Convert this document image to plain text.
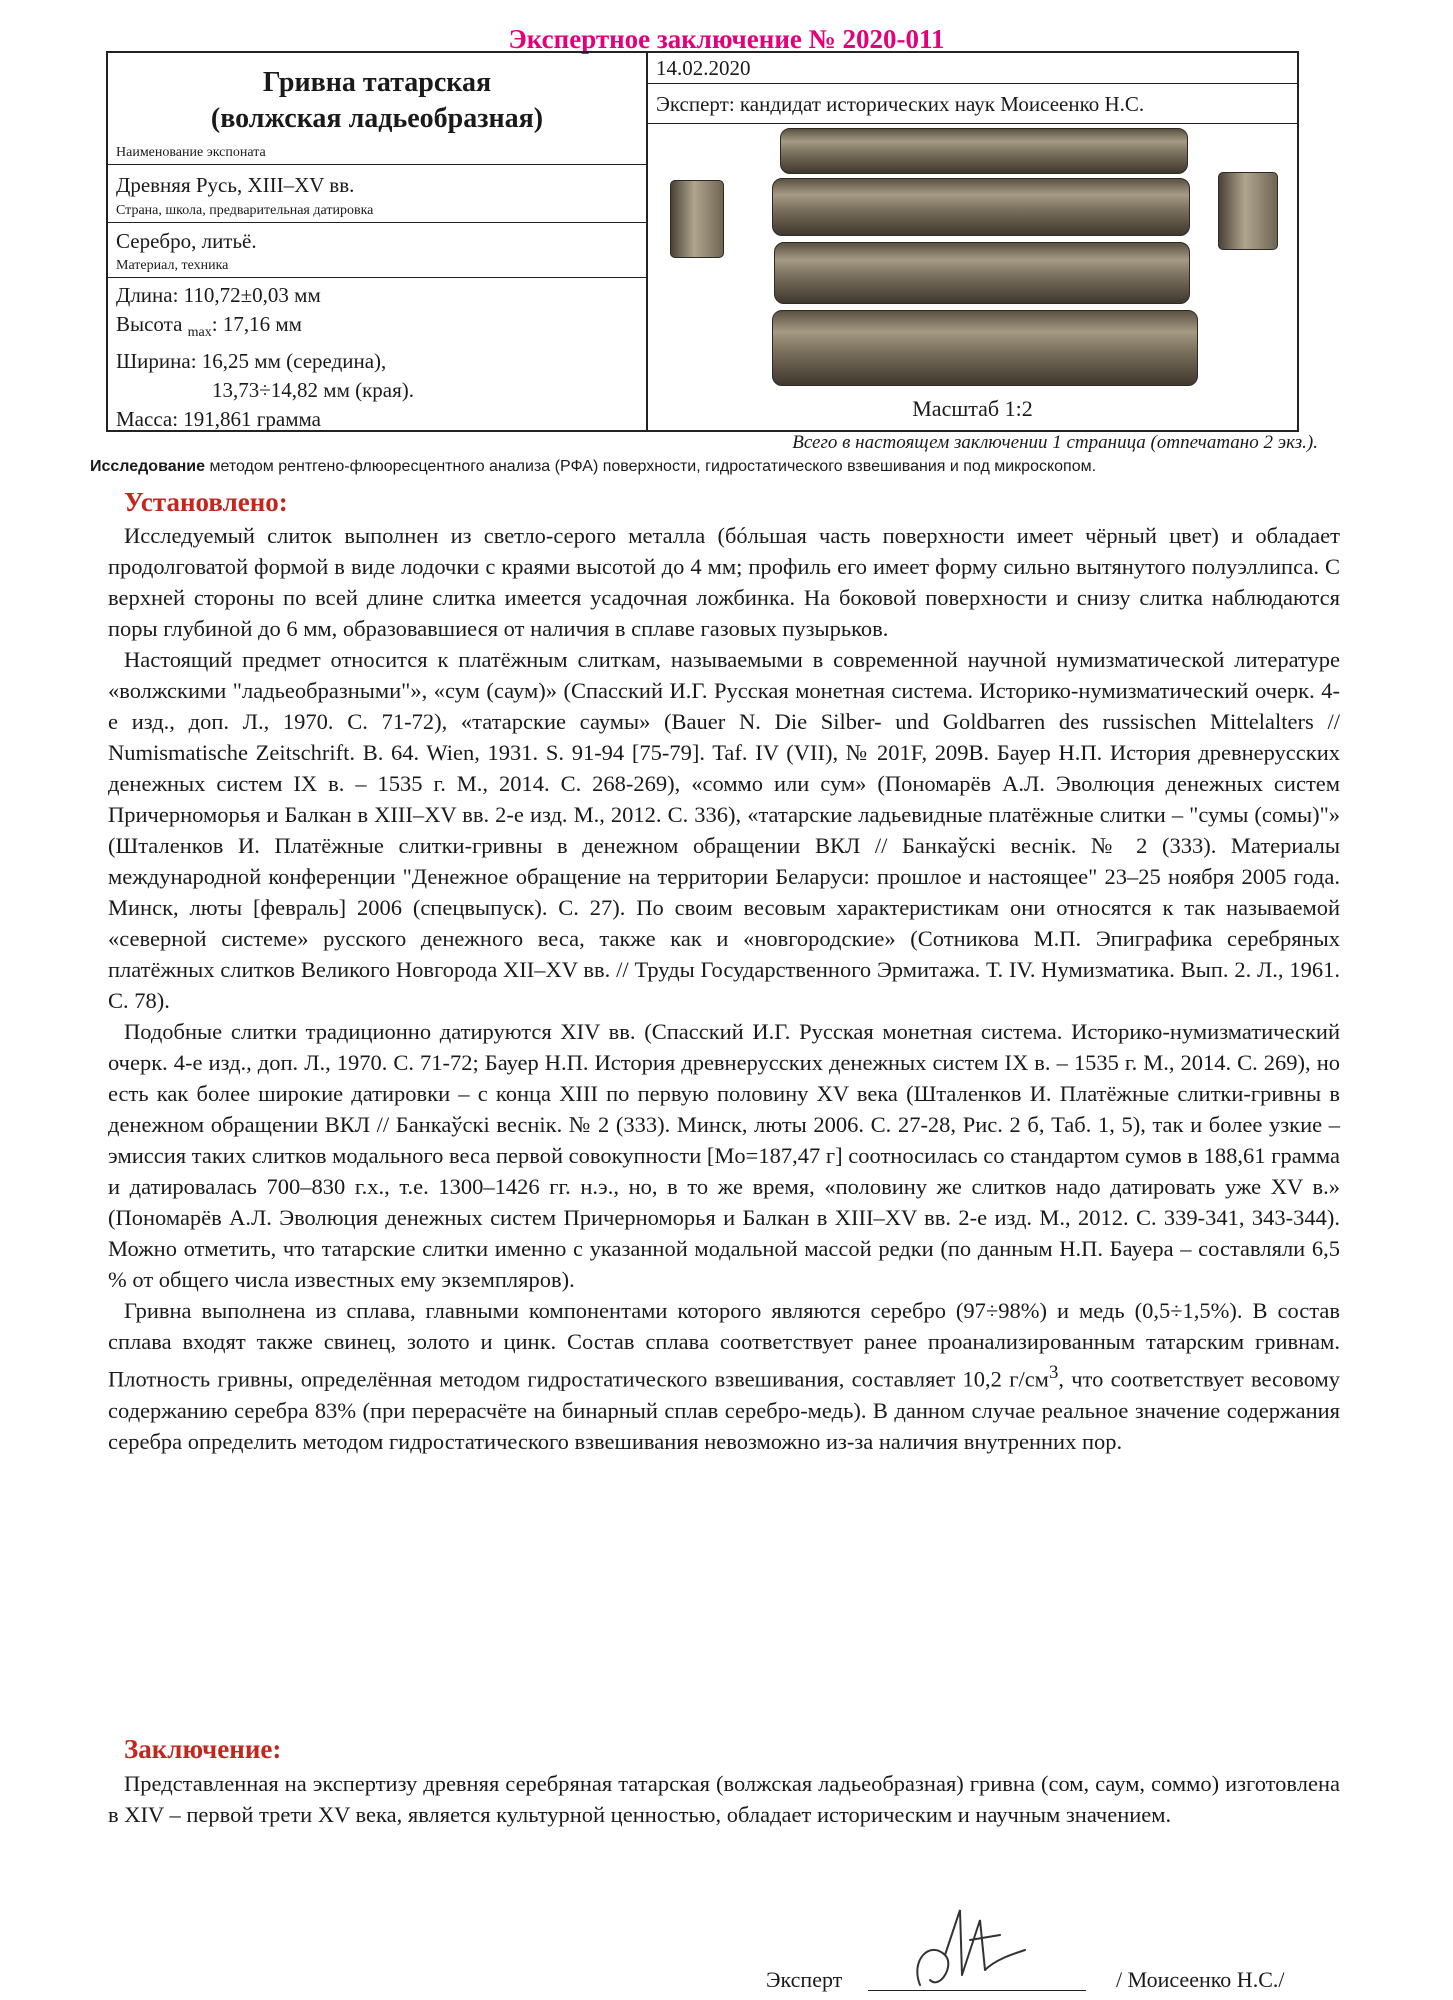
Экспертное заключение № 2020-011
Гривна татарская
(волжская ладьеобразная)
Наименование экспоната
Древняя Русь, XIII–XV вв.
Страна, школа, предварительная датировка
Серебро, литьё.
Материал, техника
Длина: 110,72±0,03 мм
Высота $_{max}$: 17,16 мм
Ширина: 16,25 мм (середина),
13,73÷14,82 мм (края).
Масса: 191,861 грамма
14.02.2020
Эксперт: кандидат исторических наук Моисеенко Н.С.
Масштаб 1:2
Всего в настоящем заключении 1 страница (отпечатано 2 экз.).
Исследование методом рентгено-флюоресцентного анализа (РФА) поверхности, гидростатического взвешивания и под микроскопом.
Установлено:

Исследуемый слиток выполнен из светло-серого металла (бóльшая часть поверхности имеет чёрный цвет) и обладает продолговатой формой в виде лодочки с краями высотой до 4 мм; профиль его имеет форму сильно вытянутого полуэллипса. С верхней стороны по всей длине слитка имеется усадочная ложбинка. На боковой поверхности и снизу слитка наблюдаются поры глубиной до 6 мм, образовавшиеся от наличия в сплаве газовых пузырьков.

Настоящий предмет относится к платёжным слиткам, называемыми в современной научной нумизматической литературе «волжскими "ладьеобразными"», «сум (саум)» (Спасский И.Г. Русская монетная система. Историко-нумизматический очерк. 4-е изд., доп. Л., 1970. С. 71-72), «татарские саумы» (Bauer N. Die Silber- und Goldbarren des russischen Mittelalters // Numismatische Zeitschrift. B. 64. Wien, 1931. S. 91-94 [75-79]. Taf. IV (VII), № 201F, 209B. Бауер Н.П. История древнерусских денежных систем IX в. – 1535 г. М., 2014. С. 268-269), «соммо или сум» (Пономарёв А.Л. Эволюция денежных систем Причерноморья и Балкан в XIII–XV вв. 2-е изд. М., 2012. С. 336), «татарские ладьевидные платёжные слитки – "сумы (сомы)"» (Шталенков И. Платёжные слитки-гривны в денежном обращении ВКЛ // Банкаўскі веснік. № 2 (333). Материалы международной конференции "Денежное обращение на территории Беларуси: прошлое и настоящее" 23–25 ноября 2005 года. Минск, люты [февраль] 2006 (спецвыпуск). С. 27). По своим весовым характеристикам они относятся к так называемой «северной системе» русского денежного веса, также как и «новгородские» (Сотникова М.П. Эпиграфика серебряных платёжных слитков Великого Новгорода XII–XV вв. // Труды Государственного Эрмитажа. Т. IV. Нумизматика. Вып. 2. Л., 1961. С. 78).

Подобные слитки традиционно датируются XIV вв. (Спасский И.Г. Русская монетная система. Историко-нумизматический очерк. 4-е изд., доп. Л., 1970. С. 71-72; Бауер Н.П. История древнерусских денежных систем IX в. – 1535 г. М., 2014. С. 269), но есть как более широкие датировки – с конца XIII по первую половину XV века (Шталенков И. Платёжные слитки-гривны в денежном обращении ВКЛ // Банкаўскі веснік. № 2 (333). Минск, люты 2006. С. 27-28, Рис. 2 б, Таб. 1, 5), так и более узкие – эмиссия таких слитков модального веса первой совокупности [Mo=187,47 г] соотносилась со стандартом сумов в 188,61 грамма и датировалась 700–830 г.х., т.е. 1300–1426 гг. н.э., но, в то же время, «половину же слитков надо датировать уже XV в.» (Пономарёв А.Л. Эволюция денежных систем Причерноморья и Балкан в XIII–XV вв. 2-е изд. М., 2012. С. 339-341, 343-344). Можно отметить, что татарские слитки именно с указанной модальной массой редки (по данным Н.П. Бауера – составляли 6,5 % от общего числа известных ему экземпляров).

Гривна выполнена из сплава, главными компонентами которого являются серебро (97÷98%) и медь (0,5÷1,5%). В состав сплава входят также свинец, золото и цинк. Состав сплава соответствует ранее проанализированным татарским гривнам. Плотность гривны, определённая методом гидростатического взвешивания, составляет 10,2 $г/см^3$, что соответствует весовому содержанию серебра 83% (при перерасчёте на бинарный сплав серебро-медь). В данном случае реальное значение содержания серебра определить методом гидростатического взвешивания невозможно из-за наличия внутренних пор.

Заключение:

Представленная на экспертизу древняя серебряная татарская (волжская ладьеобразная) гривна (сом, саум, соммо) изготовлена в XIV – первой трети XV века, является культурной ценностью, обладает историческим и научным значением.

Эксперт	/ Моисеенко Н.С./
